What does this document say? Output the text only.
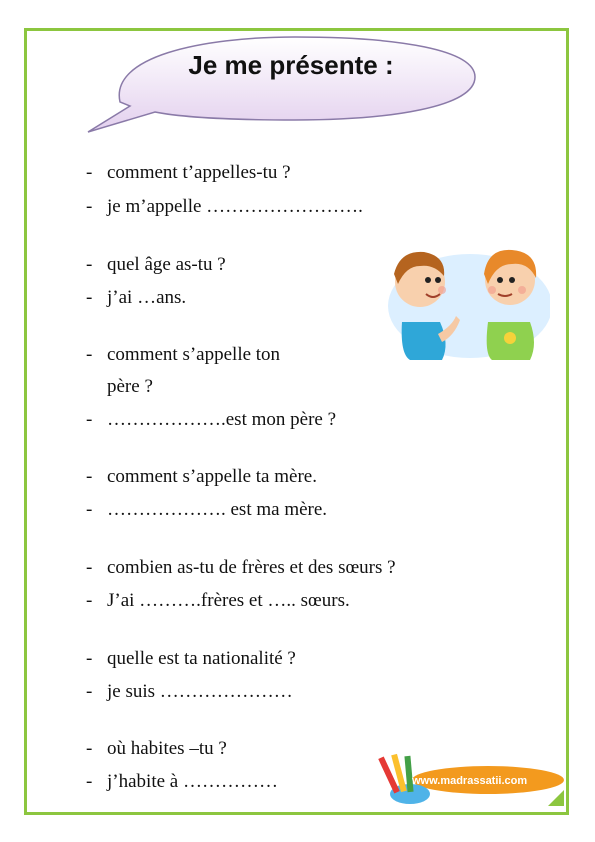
Je me présente :

- comment t’appelles-tu ?

- je m’appelle …………………….

- quel âge as-tu ?

- j’ai …ans.

- comment s’appelle ton

père ?

- ……………….est mon père ?

- comment s’appelle ta mère.

- ………………. est ma mère.

- combien as-tu de frères et des sœurs ?

- J’ai ……….frères et ….. sœurs.

- quelle est ta nationalité ?

- je suis …………………

- où habites –tu ?

- j’habite à ……………	www.madrassatii.com
